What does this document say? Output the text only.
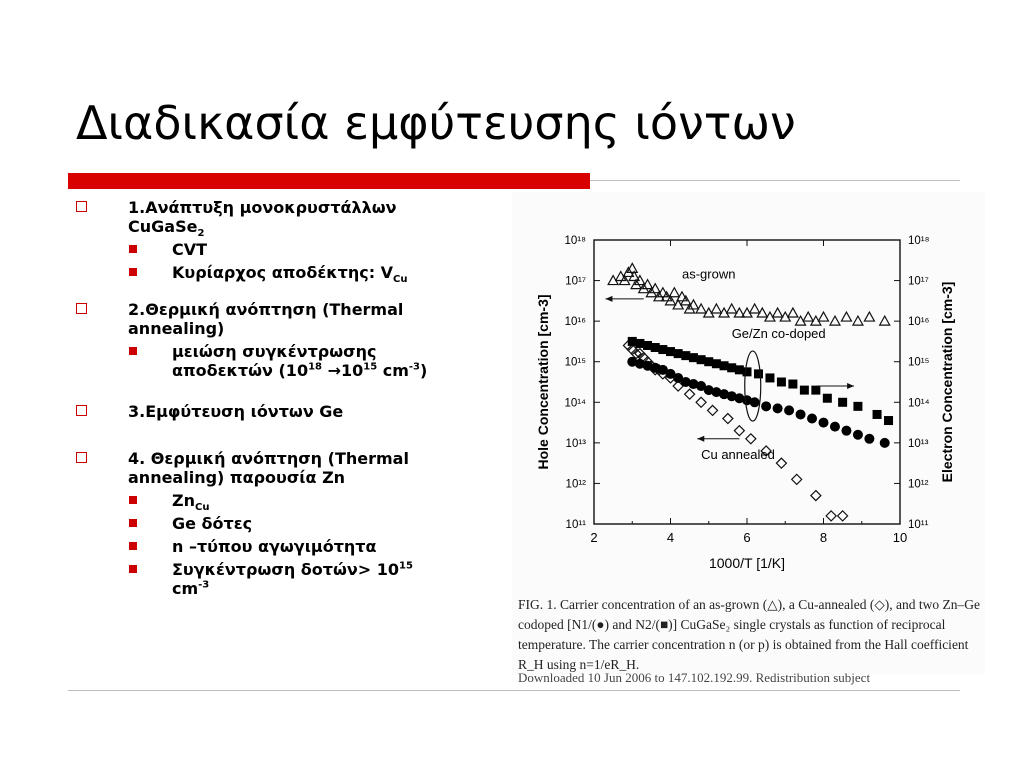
Διαδικασία εμφύτευσης ιόντων
1.Ανάπτυξη μονοκρυστάλλων
CuGaSe$_2$
CVT
Κυρίαρχος αποδέκτης: $V_{Cu}$
2.Θερμική ανόπτηση (Thermal
annealing)
μειώση συγκέντρωσης
αποδεκτών ($10^{18} \to 10^{15}$ $cm^{-3}$)
3.Εμφύτευση ιόντων Ge
4. Θερμική ανόπτηση (Thermal
annealing) παρουσία Zn
$Zn_{Cu}$
Ge δότες
n –τύπου αγωγιμότητα
Συγκέντρωση $\delta o\tau ώ\nu> 10^{15}$
$cm^{-3}$
2	4	6	8	10
10¹¹	10¹¹
10¹²	10¹²
10¹³	10¹³
10¹⁴	10¹⁴
10¹⁵	10¹⁵
10¹⁶	10¹⁶
10¹⁷	10¹⁷
10¹⁸	10¹⁸
1000/T [1/K]
Hole Concentration [cm-3]	Electron Concentration [cm-3]
as-grown
Ge/Zn co-doped
Cu annealed
FIG. 1. Carrier concentration of an as-grown (△), a Cu-annealed (◇), and two Zn–Ge codoped [N1/(●) and N2/(■)] CuGaSe₂ single crystals as function of reciprocal temperature. The carrier concentration n (or p) is obtained from the Hall coefficient R_H using n=1/eR_H.
Downloaded 10 Jun 2006 to 147.102.192.99. Redistribution subject
